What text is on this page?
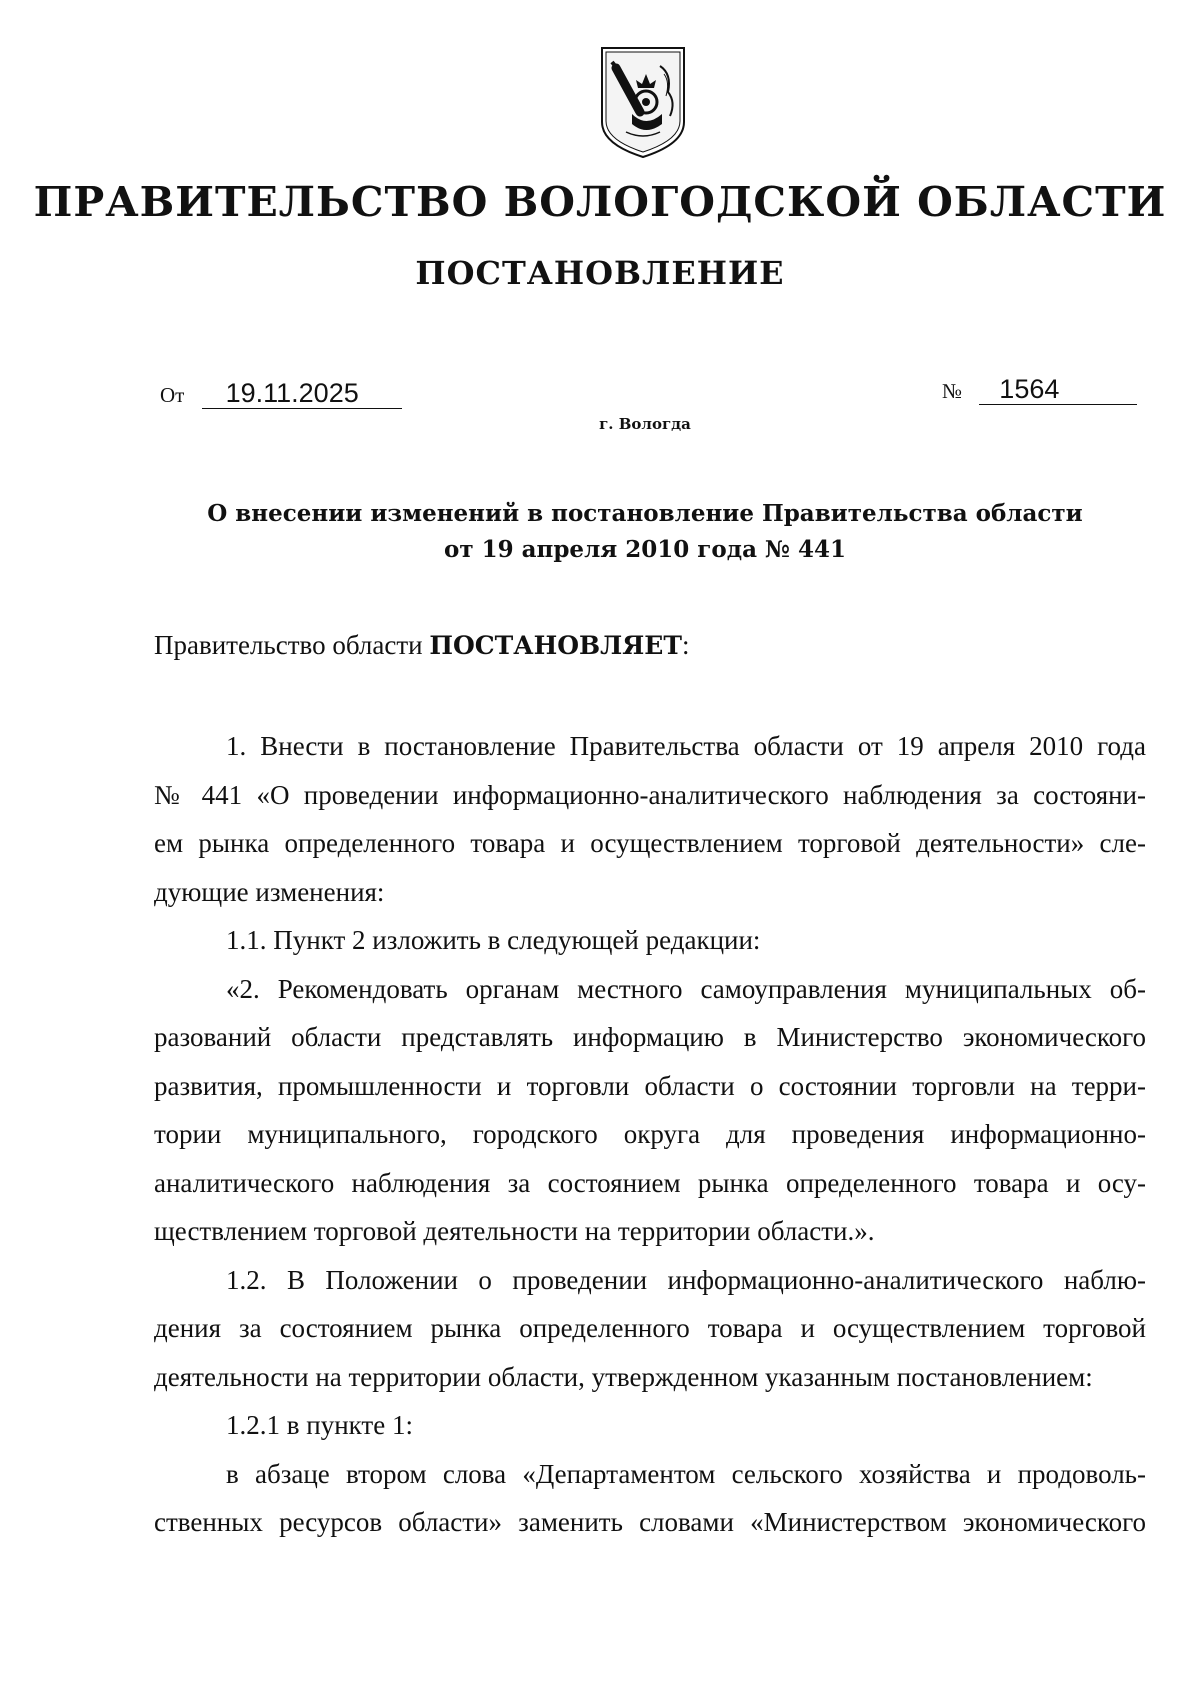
ПРАВИТЕЛЬСТВО ВОЛОГОДСКОЙ ОБЛАСТИ
ПОСТАНОВЛЕНИЕ
От 19.11.2025	№ 1564
г. Вологда
О внесении изменений в постановление Правительства области
от 19 апреля 2010 года № 441
Правительство области ПОСТАНОВЛЯЕТ:
1. Внести в постановление Правительства области от 19 апреля 2010 года
№ 441 «О проведении информационно-аналитического наблюдения за состояни-
ем рынка определенного товара и осуществлением торговой деятельности» сле-
дующие изменения:
1.1. Пункт 2 изложить в следующей редакции:
«2. Рекомендовать органам местного самоуправления муниципальных об-
разований области представлять информацию в Министерство экономического
развития, промышленности и торговли области о состоянии торговли на терри-
тории муниципального, городского округа для проведения информационно-
аналитического наблюдения за состоянием рынка определенного товара и осу-
ществлением торговой деятельности на территории области.».
1.2. В Положении о проведении информационно-аналитического наблю-
дения за состоянием рынка определенного товара и осуществлением торговой
деятельности на территории области, утвержденном указанным постановлением:
1.2.1 в пункте 1:
в абзаце втором слова «Департаментом сельского хозяйства и продоволь-
ственных ресурсов области» заменить словами «Министерством экономического
